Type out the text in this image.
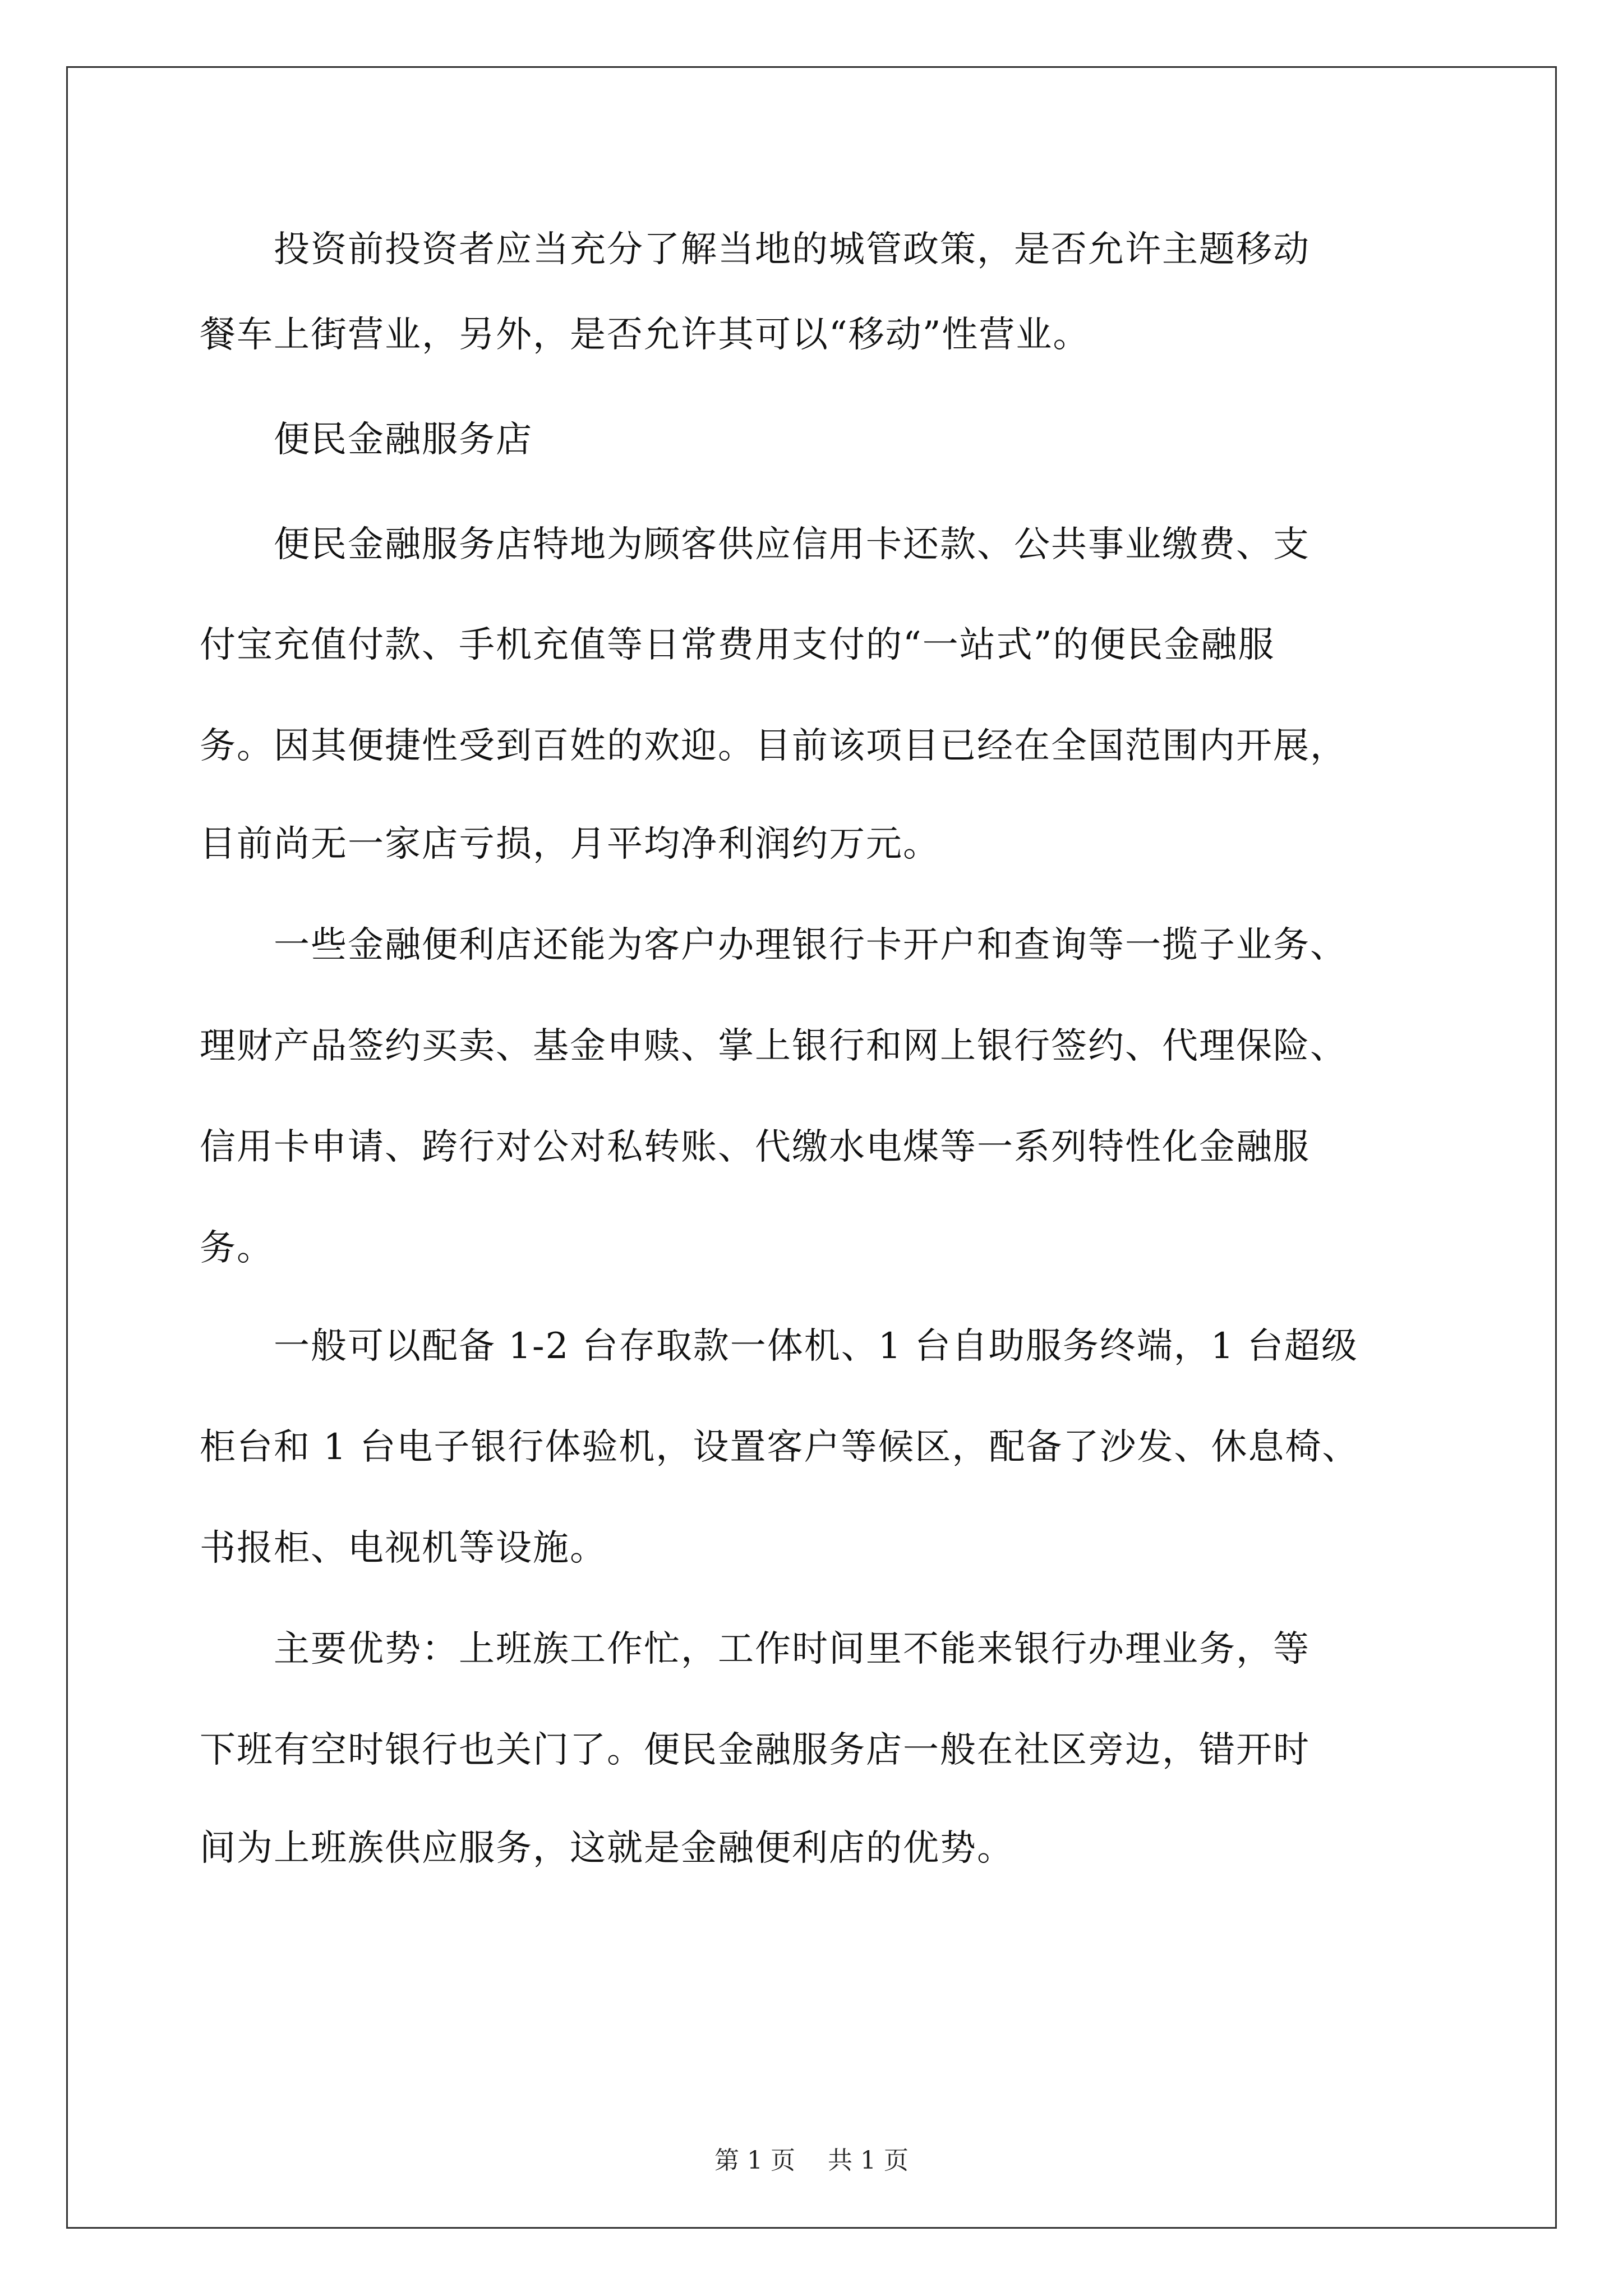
　　投资前投资者应当充分了解当地的城管政策，是否允许主题移动
餐车上街营业，另外，是否允许其可以“移动”性营业。
　　便民金融服务店
　　便民金融服务店特地为顾客供应信用卡还款、公共事业缴费、支
付宝充值付款、手机充值等日常费用支付的“一站式”的便民金融服
务。因其便捷性受到百姓的欢迎。目前该项目已经在全国范围内开展，
目前尚无一家店亏损，月平均净利润约万元。
　　一些金融便利店还能为客户办理银行卡开户和查询等一揽子业务、
理财产品签约买卖、基金申赎、掌上银行和网上银行签约、代理保险、
信用卡申请、跨行对公对私转账、代缴水电煤等一系列特性化金融服
务。
　　一般可以配备 1-2 台存取款一体机、1 台自助服务终端，1 台超级
柜台和 1 台电子银行体验机，设置客户等候区，配备了沙发、休息椅、
书报柜、电视机等设施。
　　主要优势：上班族工作忙，工作时间里不能来银行办理业务，等
下班有空时银行也关门了。便民金融服务店一般在社区旁边，错开时
间为上班族供应服务，这就是金融便利店的优势。
第 1 页　 共 1 页
